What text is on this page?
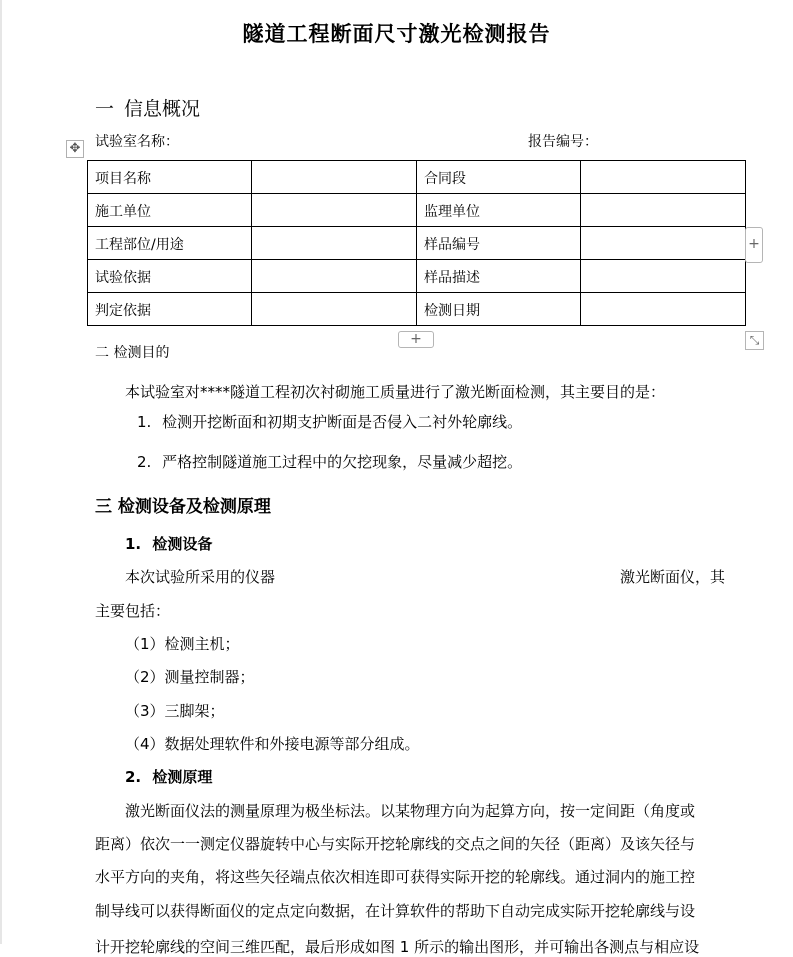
隧道工程断面尺寸激光检测报告
一 信息概况
试验室名称：	报告编号：
✥
项目名称		合同段	
施工单位		监理单位	
工程部位/用途		样品编号	
试验依据		样品描述	
判定依据		检测日期	
+
+	⤡
二 检测目的
本试验室对****隧道工程初次衬砌施工质量进行了激光断面检测，其主要目的是：
1. 检测开挖断面和初期支护断面是否侵入二衬外轮廓线。
2. 严格控制隧道施工过程中的欠挖现象，尽量减少超挖。
三 检测设备及检测原理
1. 检测设备
本次试验所采用的仪器	激光断面仪，其
主要包括：
（1）检测主机；
（2）测量控制器；
（3）三脚架；
（4）数据处理软件和外接电源等部分组成。
2. 检测原理
激光断面仪法的测量原理为极坐标法。以某物理方向为起算方向，按一定间距（角度或
距离）依次一一测定仪器旋转中心与实际开挖轮廓线的交点之间的矢径（距离）及该矢径与
水平方向的夹角，将这些矢径端点依次相连即可获得实际开挖的轮廓线。通过洞内的施工控
制导线可以获得断面仪的定点定向数据，在计算软件的帮助下自动完成实际开挖轮廓线与设
计开挖轮廓线的空间三维匹配，最后形成如图 1 所示的输出图形，并可输出各测点与相应设
